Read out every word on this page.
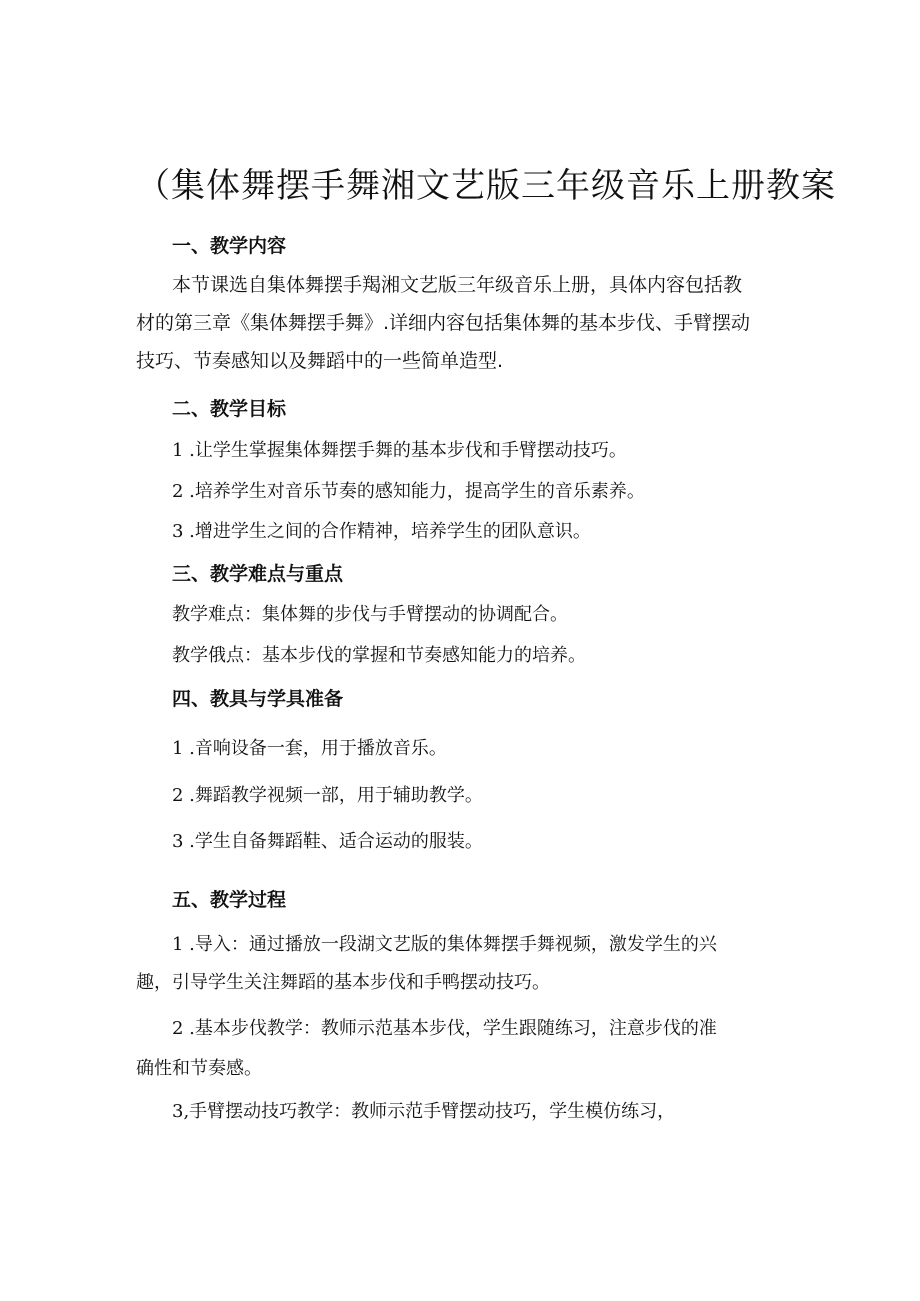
（集体舞摆手舞湘文艺版三年级音乐上册教案
一、教学内容
本节课选自集体舞摆手羯湘文艺版三年级音乐上册，具体内容包括教
材的第三章《集体舞摆手舞》.详细内容包括集体舞的基本步伐、手臂摆动
技巧、节奏感知以及舞蹈中的一些简单造型.
二、教学目标
1 .让学生掌握集体舞摆手舞的基本步伐和手臂摆动技巧。
2 .培养学生对音乐节奏的感知能力，提高学生的音乐素养。
3 .增进学生之间的合作精神，培养学生的团队意识。
三、教学难点与重点
教学难点：集体舞的步伐与手臂摆动的协调配合。
教学俄点：基本步伐的掌握和节奏感知能力的培养。
四、教具与学具准备
1 .音响设备一套，用于播放音乐。
2 .舞蹈教学视频一部，用于辅助教学。
3 .学生自备舞蹈鞋、适合运动的服装。
五、教学过程
1 .导入：通过播放一段湖文艺版的集体舞摆手舞视频，激发学生的兴
趣，引导学生关注舞蹈的基本步伐和手鸭摆动技巧。
2 .基本步伐教学：教师示范基本步伐，学生跟随练习，注意步伐的准
确性和节奏感。
3,手臂摆动技巧教学：教师示范手臂摆动技巧，学生模仿练习，
